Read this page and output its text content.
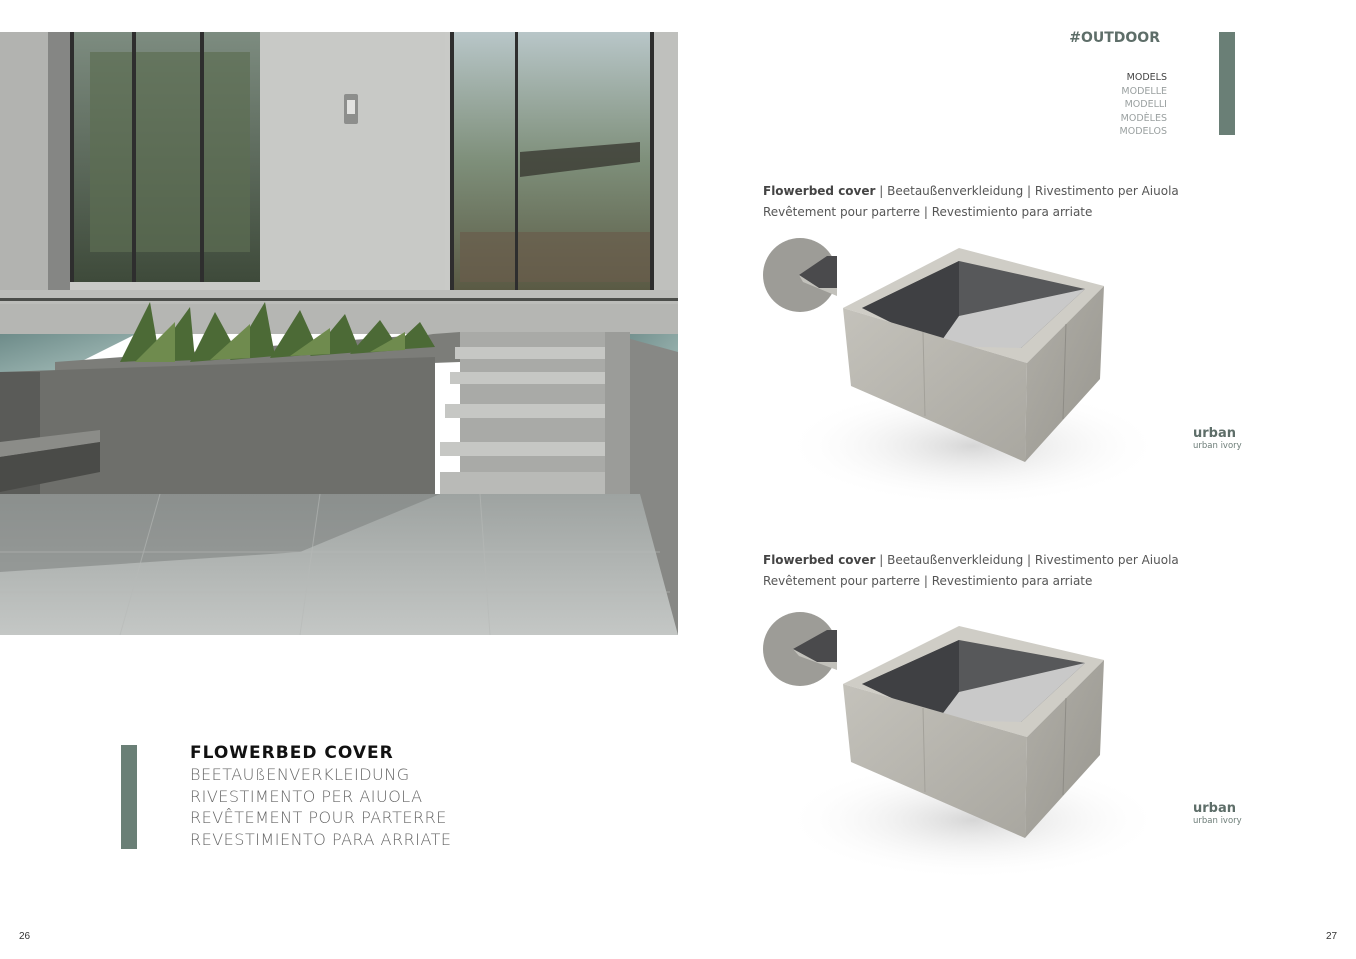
FLOWERBED COVER

BEETAUßENVERKLEIDUNG

RIVESTIMENTO PER AIUOLA

REVÊTEMENT POUR PARTERRE

REVESTIMIENTO PARA ARRIATE

26
#OUTDOOR

MODELS

MODELLE

MODELLI

MODÈLES

MODELOS

Flowerbed cover | Beetaußenverkleidung | Rivestimento per Aiuola
Revêtement pour parterre | Revestimiento para arriate

urban

urban ivory

Flowerbed cover | Beetaußenverkleidung | Rivestimento per Aiuola
Revêtement pour parterre | Revestimiento para arriate

urban

urban ivory

27
